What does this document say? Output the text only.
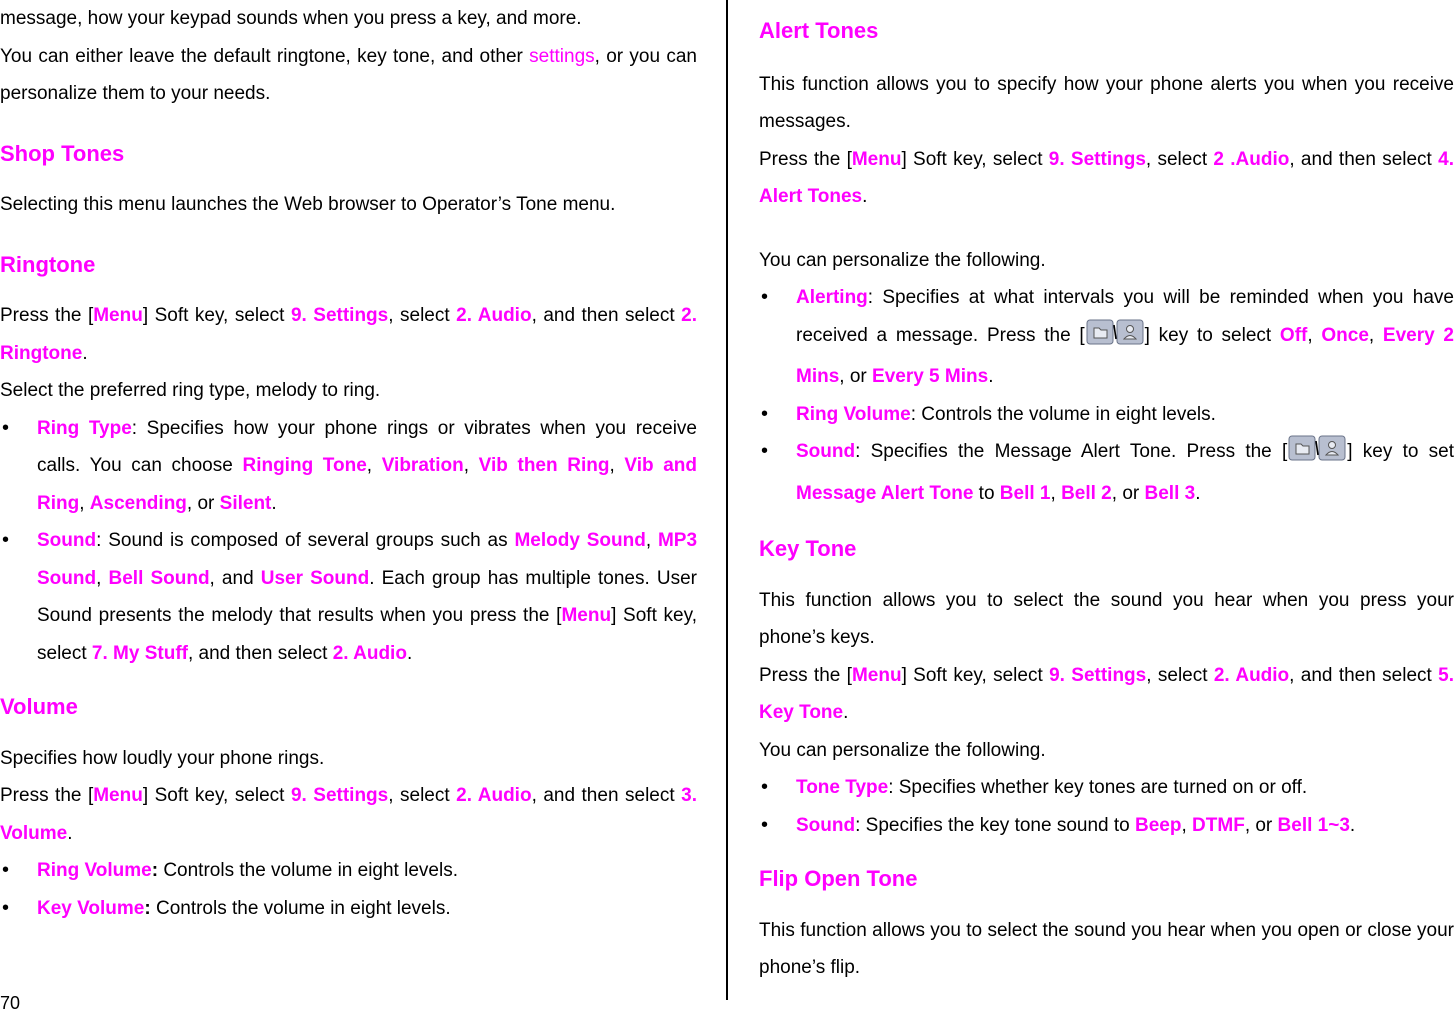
message, how your keypad sounds when you press a key, and more.

You can either leave the default ringtone, key tone, and other settings, or you can personalize them to your needs.

Shop Tones

Selecting this menu launches the Web browser to Operator’s Tone menu.

Ringtone

Press the [Menu] Soft key, select 9. Settings, select 2. Audio, and then select 2. Ringtone.

Select the preferred ring type, melody to ring.

• Ring Type: Specifies how your phone rings or vibrates when you receive calls. You can choose Ringing Tone, Vibration, Vib then Ring, Vib and Ring, Ascending, or Silent.
• Sound: Sound is composed of several groups such as Melody Sound, MP3 Sound, Bell Sound, and User Sound. Each group has multiple tones. User Sound presents the melody that results when you press the [Menu] Soft key, select 7. My Stuff, and then select 2. Audio.
Volume

Specifies how loudly your phone rings.

Press the [Menu] Soft key, select 9. Settings, select 2. Audio, and then select 3. Volume.

• Ring Volume: Controls the volume in eight levels.
• Key Volume: Controls the volume in eight levels.
Alert Tones

This function allows you to specify how your phone alerts you when you receive messages.

Press the [Menu] Soft key, select 9. Settings, select 2 .Audio, and then select 4. Alert Tones.

You can personalize the following.

• Alerting: Specifies at what intervals you will be reminded when you have received a message. Press the [	] key to select Off, Once, Every 2 Mins, or Every 5 Mins.
• Ring Volume: Controls the volume in eight levels.
• Sound: Specifies the Message Alert Tone. Press the [	] key to set Message Alert Tone to Bell 1, Bell 2, or Bell 3.
Key Tone

This function allows you to select the sound you hear when you press your phone’s keys.

Press the [Menu] Soft key, select 9. Settings, select 2. Audio, and then select 5. Key Tone.

You can personalize the following.

• Tone Type: Specifies whether key tones are turned on or off.
• Sound: Specifies the key tone sound to Beep, DTMF, or Bell 1~3.
Flip Open Tone

This function allows you to select the sound you hear when you open or close your phone’s flip.

70
